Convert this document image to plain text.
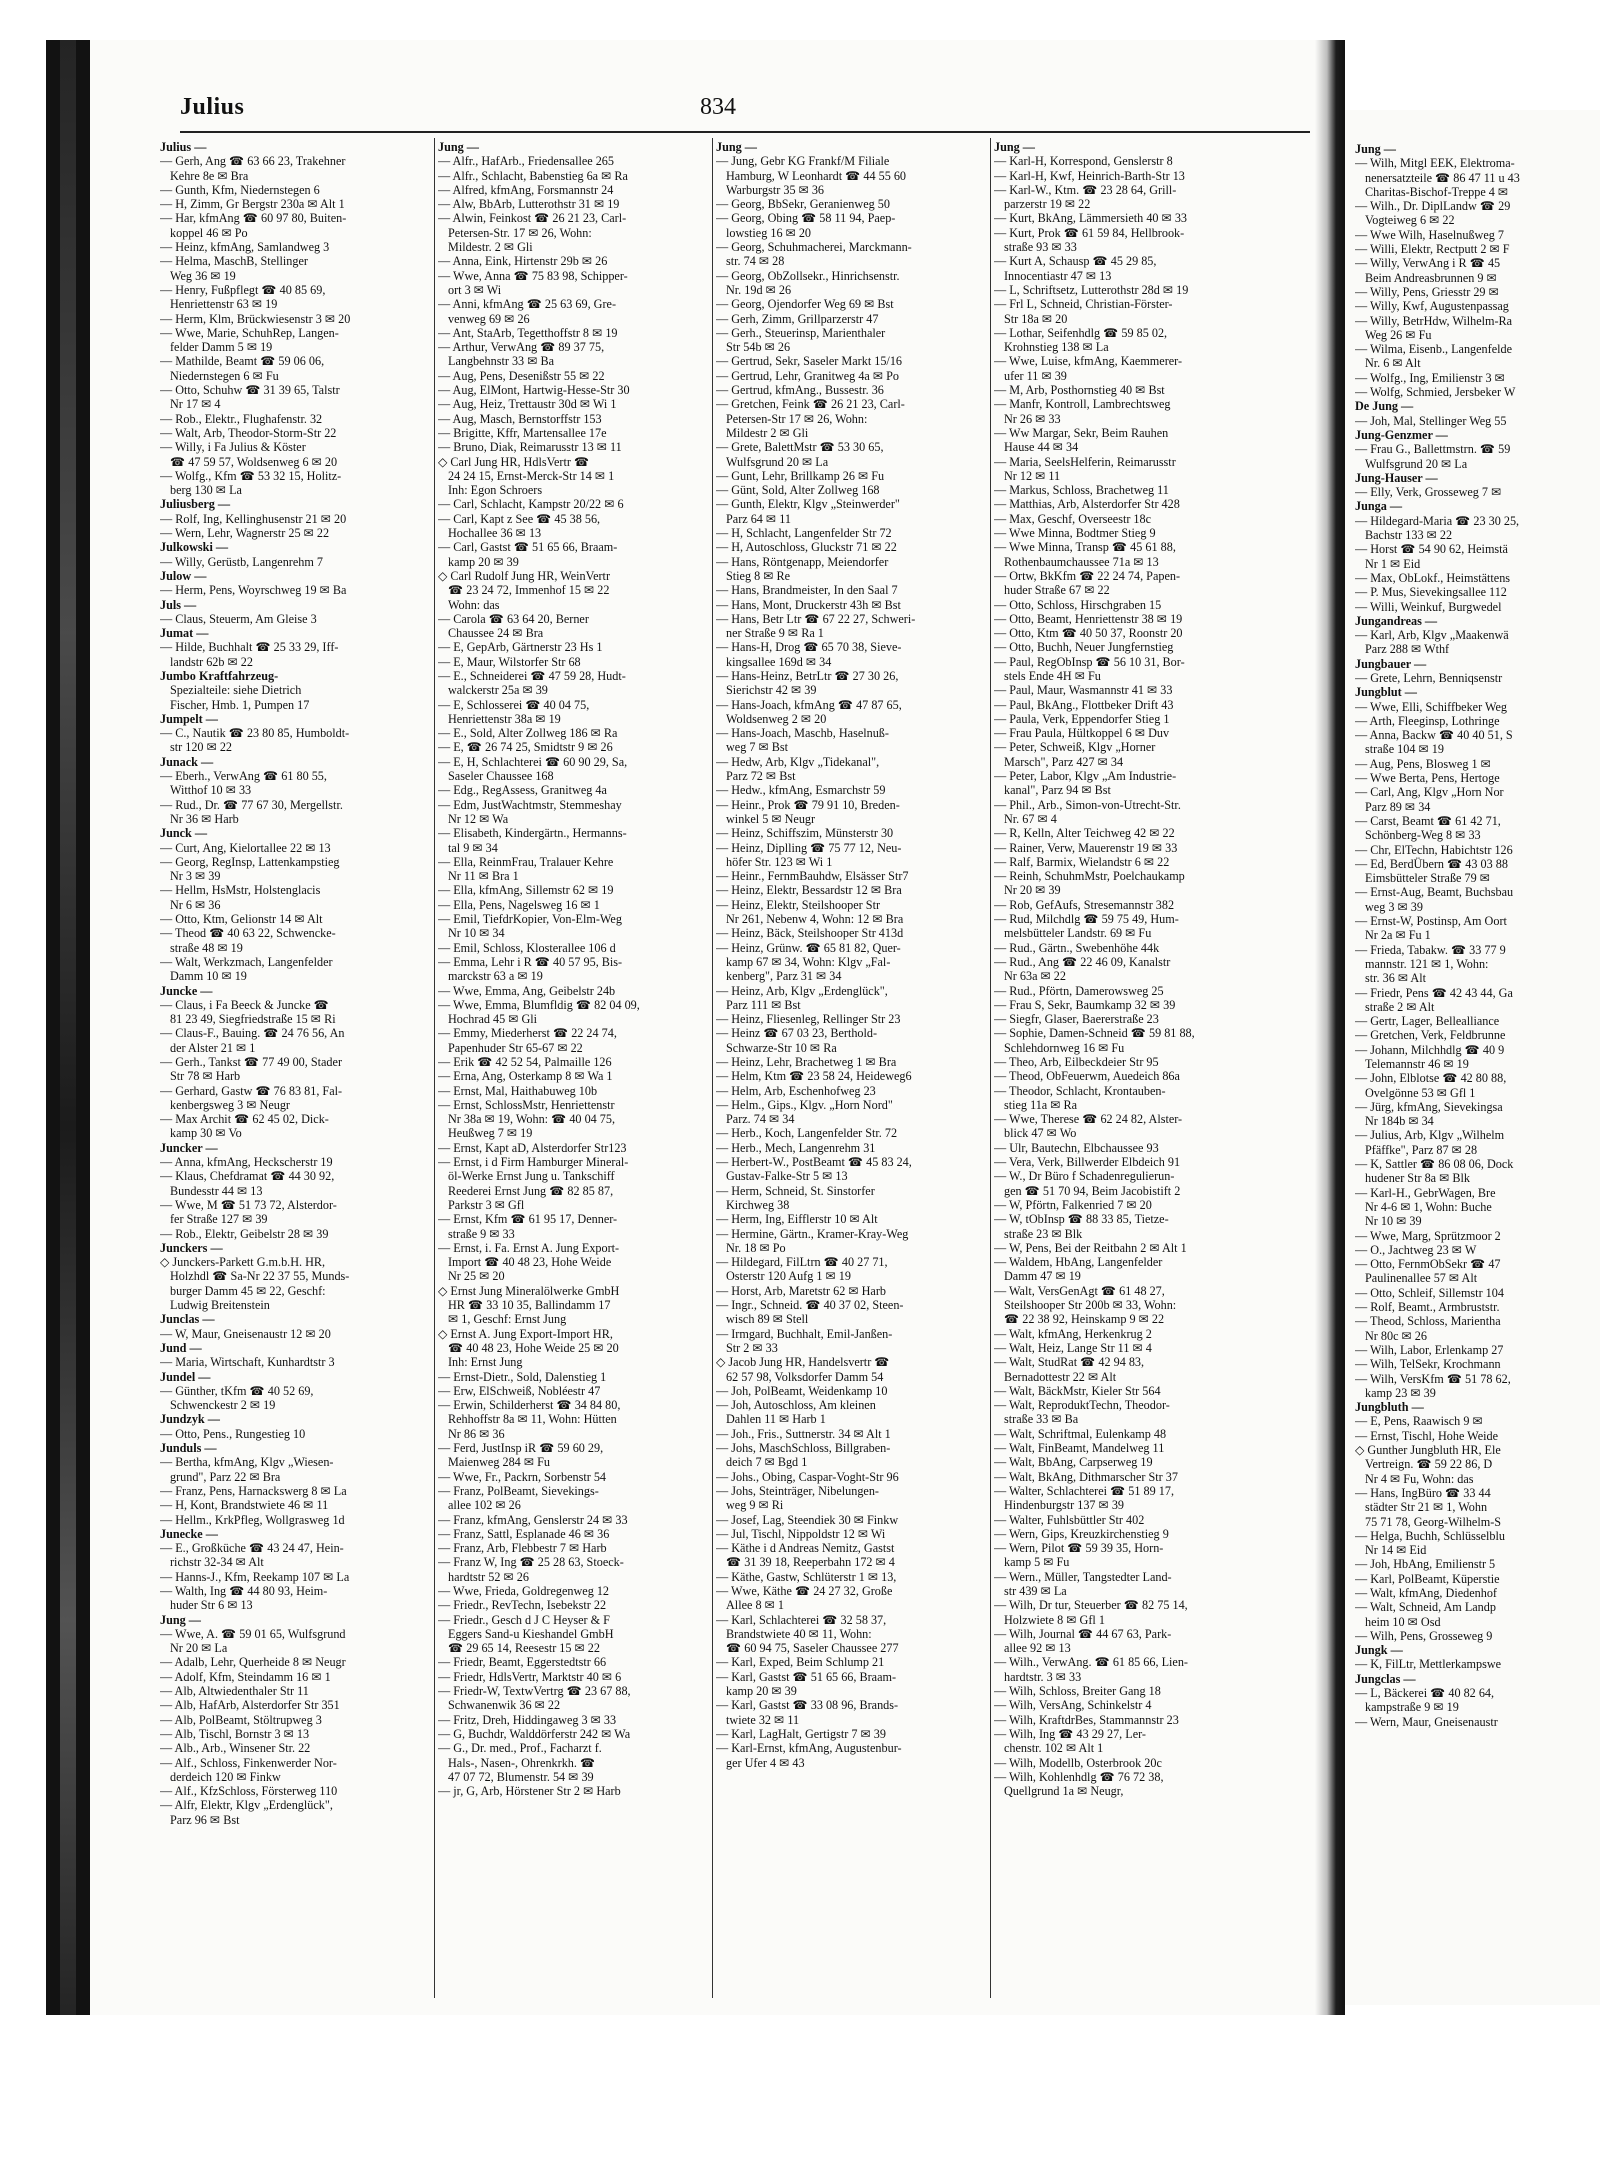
Julius	834
Julius —
— Gerh, Ang ☎ 63 66 23, Trakehner
Kehre 8e ✉ Bra
— Gunth, Kfm, Niedernstegen 6
— H, Zimm, Gr Bergstr 230a ✉ Alt 1
— Har, kfmAng ☎ 60 97 80, Buiten-
koppel 46 ✉ Po
— Heinz, kfmAng, Samlandweg 3
— Helma, MaschB, Stellinger
Weg 36 ✉ 19
— Henry, Fußpflegt ☎ 40 85 69,
Henriettenstr 63 ✉ 19
— Herm, Klm, Brückwiesenstr 3 ✉ 20
— Wwe, Marie, SchuhRep, Langen-
felder Damm 5 ✉ 19
— Mathilde, Beamt ☎ 59 06 06,
Niedernstegen 6 ✉ Fu
— Otto, Schuhw ☎ 31 39 65, Talstr
Nr 17 ✉ 4
— Rob., Elektr., Flughafenstr. 32
— Walt, Arb, Theodor-Storm-Str 22
— Willy, i Fa Julius & Köster
☎ 47 59 57, Woldsenweg 6 ✉ 20
— Wolfg., Kfm ☎ 53 32 15, Holitz-
berg 130 ✉ La
Juliusberg —
— Rolf, Ing, Kellinghusenstr 21 ✉ 20
— Wern, Lehr, Wagnerstr 25 ✉ 22
Julkowski —
— Willy, Gerüstb, Langenrehm 7
Julow —
— Herm, Pens, Woyrschweg 19 ✉ Ba
Juls —
— Claus, Steuerm, Am Gleise 3
Jumat —
— Hilde, Buchhalt ☎ 25 33 29, Iff-
landstr 62b ✉ 22
Jumbo Kraftfahrzeug-
Spezialteile: siehe Dietrich
Fischer, Hmb. 1, Pumpen 17
Jumpelt —
— C., Nautik ☎ 23 80 85, Humboldt-
str 120 ✉ 22
Junack —
— Eberh., VerwAng ☎ 61 80 55,
Witthof 10 ✉ 33
— Rud., Dr. ☎ 77 67 30, Mergellstr.
Nr 36 ✉ Harb
Junck —
— Curt, Ang, Kielortallee 22 ✉ 13
— Georg, RegInsp, Lattenkampstieg
Nr 3 ✉ 39
— Hellm, HsMstr, Holstenglacis
Nr 6 ✉ 36
— Otto, Ktm, Gelionstr 14 ✉ Alt
— Theod ☎ 40 63 22, Schwencke-
straße 48 ✉ 19
— Walt, Werkzmach, Langenfelder
Damm 10 ✉ 19
Juncke —
— Claus, i Fa Beeck & Juncke ☎
81 23 49, Siegfriedstraße 15 ✉ Ri
— Claus-F., Bauing. ☎ 24 76 56, An
der Alster 21 ✉ 1
— Gerh., Tankst ☎ 77 49 00, Stader
Str 78 ✉ Harb
— Gerhard, Gastw ☎ 76 83 81, Fal-
kenbergsweg 3 ✉ Neugr
— Max Archit ☎ 62 45 02, Dick-
kamp 30 ✉ Vo
Juncker —
— Anna, kfmAng, Heckscherstr 19
— Klaus, Chefdramat ☎ 44 30 92,
Bundesstr 44 ✉ 13
— Wwe, M ☎ 51 73 72, Alsterdor-
fer Straße 127 ✉ 39
— Rob., Elektr, Geibelstr 28 ✉ 39
Junckers —
◇ Junckers-Parkett G.m.b.H. HR,
Holzhdl ☎ Sa-Nr 22 37 55, Munds-
burger Damm 45 ✉ 22, Geschf:
Ludwig Breitenstein
Junclas —
— W, Maur, Gneisenaustr 12 ✉ 20
Jund —
— Maria, Wirtschaft, Kunhardtstr 3
Jundel —
— Günther, tKfm ☎ 40 52 69,
Schwenckestr 2 ✉ 19
Jundzyk —
— Otto, Pens., Rungestieg 10
Junduls —
— Bertha, kfmAng, Klgv „Wiesen-
grund", Parz 22 ✉ Bra
— Franz, Pens, Harnackswerg 8 ✉ La
— H, Kont, Brandstwiete 46 ✉ 11
— Hellm., KrkPfleg, Wollgrasweg 1d
Junecke —
— E., Großküche ☎ 43 24 47, Hein-
richstr 32-34 ✉ Alt
— Hanns-J., Kfm, Reekamp 107 ✉ La
— Walth, Ing ☎ 44 80 93, Heim-
huder Str 6 ✉ 13
Jung —
— Wwe, A. ☎ 59 01 65, Wulfsgrund
Nr 20 ✉ La
— Adalb, Lehr, Querheide 8 ✉ Neugr
— Adolf, Kfm, Steindamm 16 ✉ 1
— Alb, Altwiedenthaler Str 11
— Alb, HafArb, Alsterdorfer Str 351
— Alb, PolBeamt, Stöltrupweg 3
— Alb, Tischl, Bornstr 3 ✉ 13
— Alb., Arb., Winsener Str. 22
— Alf., Schloss, Finkenwerder Nor-
derdeich 120 ✉ Finkw
— Alf., KfzSchloss, Försterweg 110
— Alfr, Elektr, Klgv „Erdenglück",
Parz 96 ✉ Bst
Jung —
— Alfr., HafArb., Friedensallee 265
— Alfr., Schlacht, Babenstieg 6a ✉ Ra
— Alfred, kfmAng, Forsmannstr 24
— Alw, BbArb, Lutterothstr 31 ✉ 19
— Alwin, Feinkost ☎ 26 21 23, Carl-
Petersen-Str. 17 ✉ 26, Wohn:
Mildestr. 2 ✉ Gli
— Anna, Eink, Hirtenstr 29b ✉ 26
— Wwe, Anna ☎ 75 83 98, Schipper-
ort 3 ✉ Wi
— Anni, kfmAng ☎ 25 63 69, Gre-
venweg 69 ✉ 26
— Ant, StaArb, Tegetthoffstr 8 ✉ 19
— Arthur, VerwAng ☎ 89 37 75,
Langbehnstr 33 ✉ Ba
— Aug, Pens, Desenißstr 55 ✉ 22
— Aug, ElMont, Hartwig-Hesse-Str 30
— Aug, Heiz, Trettaustr 30d ✉ Wi 1
— Aug, Masch, Bernstorffstr 153
— Brigitte, Kffr, Martensallee 17e
— Bruno, Diak, Reimarusstr 13 ✉ 11
◇ Carl Jung HR, HdlsVertr ☎
24 24 15, Ernst-Merck-Str 14 ✉ 1
Inh: Egon Schroers
— Carl, Schlacht, Kampstr 20/22 ✉ 6
— Carl, Kapt z See ☎ 45 38 56,
Hochallee 36 ✉ 13
— Carl, Gastst ☎ 51 65 66, Braam-
kamp 20 ✉ 39
◇ Carl Rudolf Jung HR, WeinVertr
☎ 23 24 72, Immenhof 15 ✉ 22
Wohn: das
— Carola ☎ 63 64 20, Berner
Chaussee 24 ✉ Bra
— E, GepArb, Gärtnerstr 23 Hs 1
— E, Maur, Wilstorfer Str 68
— E., Schneiderei ☎ 47 59 28, Hudt-
walckerstr 25a ✉ 39
— E, Schlosserei ☎ 40 04 75,
Henriettenstr 38a ✉ 19
— E., Sold, Alter Zollweg 186 ✉ Ra
— E, ☎ 26 74 25, Smidtstr 9 ✉ 26
— E, H, Schlachterei ☎ 60 90 29, Sa,
Saseler Chaussee 168
— Edg., RegAssess, Granitweg 4a
— Edm, JustWachtmstr, Stemmeshay
Nr 12 ✉ Wa
— Elisabeth, Kindergärtn., Hermanns-
tal 9 ✉ 34
— Ella, ReinmFrau, Tralauer Kehre
Nr 11 ✉ Bra 1
— Ella, kfmAng, Sillemstr 62 ✉ 19
— Ella, Pens, Nagelsweg 16 ✉ 1
— Emil, TiefdrKopier, Von-Elm-Weg
Nr 10 ✉ 34
— Emil, Schloss, Klosterallee 106 d
— Emma, Lehr i R ☎ 40 57 95, Bis-
marckstr 63 a ✉ 19
— Wwe, Emma, Ang, Geibelstr 24b
— Wwe, Emma, Blumfldig ☎ 82 04 09,
Hochrad 45 ✉ Gli
— Emmy, Miederherst ☎ 22 24 74,
Papenhuder Str 65-67 ✉ 22
— Erik ☎ 42 52 54, Palmaille 126
— Erna, Ang, Osterkamp 8 ✉ Wa 1
— Ernst, Mal, Haithabuweg 10b
— Ernst, SchlossMstr, Henriettenstr
Nr 38a ✉ 19, Wohn: ☎ 40 04 75,
Heußweg 7 ✉ 19
— Ernst, Kapt aD, Alsterdorfer Str123
— Ernst, i d Firm Hamburger Mineral-
öl-Werke Ernst Jung u. Tankschiff
Reederei Ernst Jung ☎ 82 85 87,
Parkstr 3 ✉ Gfl
— Ernst, Kfm ☎ 61 95 17, Denner-
straße 9 ✉ 33
— Ernst, i. Fa. Ernst A. Jung Export-
Import ☎ 40 48 23, Hohe Weide
Nr 25 ✉ 20
◇ Ernst Jung Mineralölwerke GmbH
HR ☎ 33 10 35, Ballindamm 17
✉ 1, Geschf: Ernst Jung
◇ Ernst A. Jung Export-Import HR,
☎ 40 48 23, Hohe Weide 25 ✉ 20
Inh: Ernst Jung
— Ernst-Dietr., Sold, Dalenstieg 1
— Erw, ElSchweiß, Nobléestr 47
— Erwin, Schilderherst ☎ 34 84 80,
Rehhoffstr 8a ✉ 11, Wohn: Hütten
Nr 86 ✉ 36
— Ferd, JustInsp iR ☎ 59 60 29,
Maienweg 284 ✉ Fu
— Wwe, Fr., Packrn, Sorbenstr 54
— Franz, PolBeamt, Sievekings-
allee 102 ✉ 26
— Franz, kfmAng, Genslerstr 24 ✉ 33
— Franz, Sattl, Esplanade 46 ✉ 36
— Franz, Arb, Flebbestr 7 ✉ Harb
— Franz W, Ing ☎ 25 28 63, Stoeck-
hardtstr 52 ✉ 26
— Wwe, Frieda, Goldregenweg 12
— Friedr., RevTechn, Isebekstr 22
— Friedr., Gesch d J C Heyser & F
Eggers Sand-u Kieshandel GmbH
☎ 29 65 14, Reesestr 15 ✉ 22
— Friedr, Beamt, Eggerstedtstr 66
— Friedr, HdlsVertr, Marktstr 40 ✉ 6
— Friedr-W, TextwVertrg ☎ 23 67 88,
Schwanenwik 36 ✉ 22
— Fritz, Dreh, Hiddingaweg 3 ✉ 33
— G, Buchdr, Walddörferstr 242 ✉ Wa
— G., Dr. med., Prof., Facharzt f.
Hals-, Nasen-, Ohrenkrkh. ☎
47 07 72, Blumenstr. 54 ✉ 39
— jr, G, Arb, Hörstener Str 2 ✉ Harb
Jung —
— Jung, Gebr KG Frankf/M Filiale
Hamburg, W Leonhardt ☎ 44 55 60
Warburgstr 35 ✉ 36
— Georg, BbSekr, Geranienweg 50
— Georg, Obing ☎ 58 11 94, Paep-
lowstieg 16 ✉ 20
— Georg, Schuhmacherei, Marckmann-
str. 74 ✉ 28
— Georg, ObZollsekr., Hinrichsenstr.
Nr. 19d ✉ 26
— Georg, Ojendorfer Weg 69 ✉ Bst
— Gerh, Zimm, Grillparzerstr 47
— Gerh., Steuerinsp, Marienthaler
Str 54b ✉ 26
— Gertrud, Sekr, Saseler Markt 15/16
— Gertrud, Lehr, Granitweg 4a ✉ Po
— Gertrud, kfmAng., Bussestr. 36
— Gretchen, Feink ☎ 26 21 23, Carl-
Petersen-Str 17 ✉ 26, Wohn:
Mildestr 2 ✉ Gli
— Grete, BalettMstr ☎ 53 30 65,
Wulfsgrund 20 ✉ La
— Gunt, Lehr, Brillkamp 26 ✉ Fu
— Günt, Sold, Alter Zollweg 168
— Gunth, Elektr, Klgv „Steinwerder"
Parz 64 ✉ 11
— H, Schlacht, Langenfelder Str 72
— H, Autoschloss, Gluckstr 71 ✉ 22
— Hans, Röntgenapp, Meiendorfer
Stieg 8 ✉ Re
— Hans, Brandmeister, In den Saal 7
— Hans, Mont, Druckerstr 43h ✉ Bst
— Hans, Betr Ltr ☎ 67 22 27, Schweri-
ner Straße 9 ✉ Ra 1
— Hans-H, Drog ☎ 65 70 38, Sieve-
kingsallee 169d ✉ 34
— Hans-Heinz, BetrLtr ☎ 27 30 26,
Sierichstr 42 ✉ 39
— Hans-Joach, kfmAng ☎ 47 87 65,
Woldsenweg 2 ✉ 20
— Hans-Joach, Maschb, Haselnuß-
weg 7 ✉ Bst
— Hedw, Arb, Klgv „Tidekanal",
Parz 72 ✉ Bst
— Hedw., kfmAng, Esmarchstr 59
— Heinr., Prok ☎ 79 91 10, Breden-
winkel 5 ✉ Neugr
— Heinz, Schiffszim, Münsterstr 30
— Heinz, Diplling ☎ 75 77 12, Neu-
höfer Str. 123 ✉ Wi 1
— Heinr., FernmBauhdw, Elsässer Str7
— Heinz, Elektr, Bessardstr 12 ✉ Bra
— Heinz, Elektr, Steilshooper Str
Nr 261, Nebenw 4, Wohn: 12 ✉ Bra
— Heinz, Bäck, Steilshooper Str 413d
— Heinz, Grünw. ☎ 65 81 82, Quer-
kamp 67 ✉ 34, Wohn: Klgv „Fal-
kenberg", Parz 31 ✉ 34
— Heinz, Arb, Klgv „Erdenglück",
Parz 111 ✉ Bst
— Heinz, Fliesenleg, Rellinger Str 23
— Heinz ☎ 67 03 23, Berthold-
Schwarze-Str 10 ✉ Ra
— Heinz, Lehr, Brachetweg 1 ✉ Bra
— Helm, Ktm ☎ 23 58 24, Heideweg6
— Helm, Arb, Eschenhofweg 23
— Helm., Gips., Klgv. „Horn Nord"
Parz. 74 ✉ 34
— Herb., Koch, Langenfelder Str. 72
— Herb., Mech, Langenrehm 31
— Herbert-W., PostBeamt ☎ 45 83 24,
Gustav-Falke-Str 5 ✉ 13
— Herm, Schneid, St. Sinstorfer
Kirchweg 38
— Herm, Ing, Eifflerstr 10 ✉ Alt
— Hermine, Gärtn., Kramer-Kray-Weg
Nr. 18 ✉ Po
— Hildegard, FilLtrn ☎ 40 27 71,
Osterstr 120 Aufg 1 ✉ 19
— Horst, Arb, Maretstr 62 ✉ Harb
— Ingr., Schneid. ☎ 40 37 02, Steen-
wisch 89 ✉ Stell
— Irmgard, Buchhalt, Emil-Janßen-
Str 2 ✉ 33
◇ Jacob Jung HR, Handelsvertr ☎
62 57 98, Volksdorfer Damm 54
— Joh, PolBeamt, Weidenkamp 10
— Joh, Autoschloss, Am kleinen
Dahlen 11 ✉ Harb 1
— Joh., Fris., Suttnerstr. 34 ✉ Alt 1
— Johs, MaschSchloss, Billgraben-
deich 7 ✉ Bgd 1
— Johs., Obing, Caspar-Voght-Str 96
— Johs, Steinträger, Nibelungen-
weg 9 ✉ Ri
— Josef, Lag, Steendiek 30 ✉ Finkw
— Jul, Tischl, Nippoldstr 12 ✉ Wi
— Käthe i d Andreas Nemitz, Gastst
☎ 31 39 18, Reeperbahn 172 ✉ 4
— Käthe, Gastw, Schlüterstr 1 ✉ 13,
— Wwe, Käthe ☎ 24 27 32, Große
Allee 8 ✉ 1
— Karl, Schlachterei ☎ 32 58 37,
Brandstwiete 40 ✉ 11, Wohn:
☎ 60 94 75, Saseler Chaussee 277
— Karl, Exped, Beim Schlump 21
— Karl, Gastst ☎ 51 65 66, Braam-
kamp 20 ✉ 39
— Karl, Gastst ☎ 33 08 96, Brands-
twiete 32 ✉ 11
— Karl, LagHalt, Gertigstr 7 ✉ 39
— Karl-Ernst, kfmAng, Augustenbur-
ger Ufer 4 ✉ 43
Jung —
— Karl-H, Korrespond, Genslerstr 8
— Karl-H, Kwf, Heinrich-Barth-Str 13
— Karl-W., Ktm. ☎ 23 28 64, Grill-
parzerstr 19 ✉ 22
— Kurt, BkAng, Lämmersieth 40 ✉ 33
— Kurt, Prok ☎ 61 59 84, Hellbrook-
straße 93 ✉ 33
— Kurt A, Schausp ☎ 45 29 85,
Innocentiastr 47 ✉ 13
— L, Schriftsetz, Lutterothstr 28d ✉ 19
— Frl L, Schneid, Christian-Förster-
Str 18a ✉ 20
— Lothar, Seifenhdlg ☎ 59 85 02,
Krohnstieg 138 ✉ La
— Wwe, Luise, kfmAng, Kaemmerer-
ufer 11 ✉ 39
— M, Arb, Posthornstieg 40 ✉ Bst
— Manfr, Kontroll, Lambrechtsweg
Nr 26 ✉ 33
— Ww Margar, Sekr, Beim Rauhen
Hause 44 ✉ 34
— Maria, SeelsHelferin, Reimarusstr
Nr 12 ✉ 11
— Markus, Schloss, Brachetweg 11
— Matthias, Arb, Alsterdorfer Str 428
— Max, Geschf, Overseestr 18c
— Wwe Minna, Bodtmer Stieg 9
— Wwe Minna, Transp ☎ 45 61 88,
Rothenbaumchaussee 71a ✉ 13
— Ortw, BkKfm ☎ 22 24 74, Papen-
huder Straße 67 ✉ 22
— Otto, Schloss, Hirschgraben 15
— Otto, Beamt, Henriettenstr 38 ✉ 19
— Otto, Ktm ☎ 40 50 37, Roonstr 20
— Otto, Buchh, Neuer Jungfernstieg
— Paul, RegObInsp ☎ 56 10 31, Bor-
stels Ende 4H ✉ Fu
— Paul, Maur, Wasmannstr 41 ✉ 33
— Paul, BkAng., Flottbeker Drift 43
— Paula, Verk, Eppendorfer Stieg 1
— Frau Paula, Hültkoppel 6 ✉ Duv
— Peter, Schweiß, Klgv „Horner
Marsch", Parz 427 ✉ 34
— Peter, Labor, Klgv „Am Industrie-
kanal", Parz 94 ✉ Bst
— Phil., Arb., Simon-von-Utrecht-Str.
Nr. 67 ✉ 4
— R, Kelln, Alter Teichweg 42 ✉ 22
— Rainer, Verw, Mauerenstr 19 ✉ 33
— Ralf, Barmix, Wielandstr 6 ✉ 22
— Reinh, SchuhmMstr, Poelchaukamp
Nr 20 ✉ 39
— Rob, GefAufs, Stresemannstr 382
— Rud, Milchdlg ☎ 59 75 49, Hum-
melsbütteler Landstr. 69 ✉ Fu
— Rud., Gärtn., Swebenhöhe 44k
— Rud., Ang ☎ 22 46 09, Kanalstr
Nr 63a ✉ 22
— Rud., Pförtn, Damerowsweg 25
— Frau S, Sekr, Baumkamp 32 ✉ 39
— Siegfr, Glaser, Baererstraße 23
— Sophie, Damen-Schneid ☎ 59 81 88,
Schlehdornweg 16 ✉ Fu
— Theo, Arb, Eilbeckdeier Str 95
— Theod, ObFeuerwm, Auedeich 86a
— Theodor, Schlacht, Krontauben-
stieg 11a ✉ Ra
— Wwe, Therese ☎ 62 24 82, Alster-
blick 47 ✉ Wo
— Ulr, Bautechn, Elbchaussee 93
— Vera, Verk, Billwerder Elbdeich 91
— W., Dr Büro f Schadenregulierun-
gen ☎ 51 70 94, Beim Jacobistift 2
— W, Pförtn, Falkenried 7 ✉ 20
— W, tObInsp ☎ 88 33 85, Tietze-
straße 23 ✉ Blk
— W, Pens, Bei der Reitbahn 2 ✉ Alt 1
— Waldem, HbAng, Langenfelder
Damm 47 ✉ 19
— Walt, VersGenAgt ☎ 61 48 27,
Steilshooper Str 200b ✉ 33, Wohn:
☎ 22 38 92, Heinskamp 9 ✉ 22
— Walt, kfmAng, Herkenkrug 2
— Walt, Heiz, Lange Str 11 ✉ 4
— Walt, StudRat ☎ 42 94 83,
Bernadottestr 22 ✉ Alt
— Walt, BäckMstr, Kieler Str 564
— Walt, ReproduktTechn, Theodor-
straße 33 ✉ Ba
— Walt, Schriftmal, Eulenkamp 48
— Walt, FinBeamt, Mandelweg 11
— Walt, BbAng, Carpserweg 19
— Walt, BkAng, Dithmarscher Str 37
— Walter, Schlachterei ☎ 51 89 17,
Hindenburgstr 137 ✉ 39
— Walter, Fuhlsbüttler Str 402
— Wern, Gips, Kreuzkirchenstieg 9
— Wern, Pilot ☎ 59 39 35, Horn-
kamp 5 ✉ Fu
— Wern., Müller, Tangstedter Land-
str 439 ✉ La
— Wilh, Dr tur, Steuerber ☎ 82 75 14,
Holzwiete 8 ✉ Gfl 1
— Wilh, Journal ☎ 44 67 63, Park-
allee 92 ✉ 13
— Wilh., VerwAng. ☎ 61 85 66, Lien-
hardtstr. 3 ✉ 33
— Wilh, Schloss, Breiter Gang 18
— Wilh, VersAng, Schinkelstr 4
— Wilh, KraftdrBes, Stammannstr 23
— Wilh, Ing ☎ 43 29 27, Ler-
chenstr. 102 ✉ Alt 1
— Wilh, Modellb, Osterbrook 20c
— Wilh, Kohlenhdlg ☎ 76 72 38,
Quellgrund 1a ✉ Neugr,
Jung —
— Wilh, Mitgl EEK, Elektroma-
nenersatzteile ☎ 86 47 11 u 43
Charitas-Bischof-Treppe 4 ✉
— Wilh., Dr. DiplLandw ☎ 29
Vogteiweg 6 ✉ 22
— Wwe Wilh, Haselnußweg 7
— Willi, Elektr, Rectputt 2 ✉ F
— Willy, VerwAng i R ☎ 45
Beim Andreasbrunnen 9 ✉
— Willy, Pens, Griesstr 29 ✉
— Willy, Kwf, Augustenpassag
— Willy, BetrHdw, Wilhelm-Ra
Weg 26 ✉ Fu
— Wilma, Eisenb., Langenfelde
Nr. 6 ✉ Alt
— Wolfg., Ing, Emilienstr 3 ✉
— Wolfg, Schmied, Jersbeker W
De Jung —
— Joh, Mal, Stellinger Weg 55
Jung-Genzmer —
— Frau G., Ballettmstrn. ☎ 59
Wulfsgrund 20 ✉ La
Jung-Hauser —
— Elly, Verk, Grosseweg 7 ✉
Junga —
— Hildegard-Maria ☎ 23 30 25,
Bachstr 133 ✉ 22
— Horst ☎ 54 90 62, Heimstä
Nr 1 ✉ Eid
— Max, ObLokf., Heimstättens
— P. Mus, Sievekingsallee 112
— Willi, Weinkuf, Burgwedel
Jungandreas —
— Karl, Arb, Klgv „Maakenwä
Parz 288 ✉ Wthf
Jungbauer —
— Grete, Lehrn, Benniqsenstr
Jungblut —
— Wwe, Elli, Schiffbeker Weg
— Arth, Fleeginsp, Lothringe
— Anna, Backw ☎ 40 40 51, S
straße 104 ✉ 19
— Aug, Pens, Blosweg 1 ✉
— Wwe Berta, Pens, Hertoge
— Carl, Ang, Klgv „Horn Nor
Parz 89 ✉ 34
— Carst, Beamt ☎ 61 42 71,
Schönberg-Weg 8 ✉ 33
— Chr, ElTechn, Habichtstr 126
— Ed, BerdÜbern ☎ 43 03 88
Eimsbütteler Straße 79 ✉
— Ernst-Aug, Beamt, Buchsbau
weg 3 ✉ 39
— Ernst-W, Postinsp, Am Oort
Nr 2a ✉ Fu 1
— Frieda, Tabakw. ☎ 33 77 9
mannstr. 121 ✉ 1, Wohn:
str. 36 ✉ Alt
— Friedr, Pens ☎ 42 43 44, Ga
straße 2 ✉ Alt
— Gertr, Lager, Bellealliance
— Gretchen, Verk, Feldbrunne
— Johann, Milchhdlg ☎ 40 9
Telemannstr 46 ✉ 19
— John, Elblotse ☎ 42 80 88,
Ovelgönne 53 ✉ Gfl 1
— Jürg, kfmAng, Sievekingsa
Nr 184b ✉ 34
— Julius, Arb, Klgv „Wilhelm
Pfäffke", Parz 87 ✉ 28
— K, Sattler ☎ 86 08 06, Dock
hudener Str 8a ✉ Blk
— Karl-H., GebrWagen, Bre
Nr 4-6 ✉ 1, Wohn: Buche
Nr 10 ✉ 39
— Wwe, Marg, Sprützmoor 2
— O., Jachtweg 23 ✉ W
— Otto, FernmObSekr ☎ 47
Paulinenallee 57 ✉ Alt
— Otto, Schleif, Sillemstr 104
— Rolf, Beamt., Armbruststr.
— Theod, Schloss, Marientha
Nr 80c ✉ 26
— Wilh, Labor, Erlenkamp 27
— Wilh, TelSekr, Krochmann
— Wilh, VersKfm ☎ 51 78 62,
kamp 23 ✉ 39
Jungbluth —
— E, Pens, Raawisch 9 ✉
— Ernst, Tischl, Hohe Weide
◇ Gunther Jungbluth HR, Ele
Vertreign. ☎ 59 22 86, D
Nr 4 ✉ Fu, Wohn: das
— Hans, IngBüro ☎ 33 44
städter Str 21 ✉ 1, Wohn
75 71 78, Georg-Wilhelm-S
— Helga, Buchh, Schlüsselblu
Nr 14 ✉ Eid
— Joh, HbAng, Emilienstr 5
— Karl, PolBeamt, Küperstie
— Walt, kfmAng, Diedenhof
— Walt, Schneid, Am Landp
heim 10 ✉ Osd
— Wilh, Pens, Grosseweg 9
Jungk —
— K, FilLtr, Mettlerkampswe
Jungclas —
— L, Bäckerei ☎ 40 82 64,
kampstraße 9 ✉ 19
— Wern, Maur, Gneisenaustr
